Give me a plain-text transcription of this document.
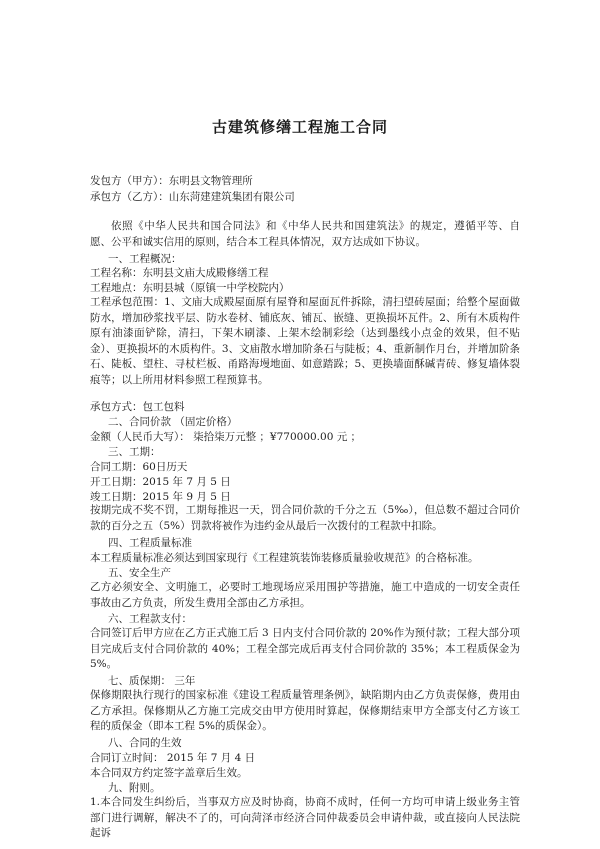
古建筑修缮工程施工合同
发包方（甲方）：东明县文物管理所
承包方（乙方）：山东菏建建筑集团有限公司
依照《中华人民共和国合同法》和《中华人民共和国建筑法》的规定，遵循平等、自愿、公平和诚实信用的原则，结合本工程具体情况，双方达成如下协议。
一、工程概况：
工程名称：东明县文庙大成殿修缮工程
工程地点：东明县城（原镇一中学校院内）
工程承包范围：1、文庙大成殿屋面原有屋脊和屋面瓦件拆除，清扫望砖屋面；给整个屋面做防水，增加砂浆找平层、防水卷材、铺底灰、铺瓦、嵌缝、更换损坏瓦件。2、所有木质构件原有油漆面铲除，清扫，下架木刷漆、上架木绘制彩绘（达到墨线小点金的效果，但不贴金）、更换损坏的木质构件。3、文庙散水增加阶条石与陡板；4、重新制作月台，并增加阶条石、陡板、望柱、寻杖栏板、甬路海墁地面、如意踏跺；5、更换墙面酥碱青砖、修复墙体裂痕等；以上所用材料参照工程预算书。
承包方式：包工包料
二、合同价款 （固定价格）
金额（人民币大写）： 柒拾柒万元整 ；¥770000.00 元 ；
三、工期：
合同工期：60日历天
开工日期：2015 年 7 月 5 日
竣工日期：2015 年 9 月 5 日
按期完成不奖不罚，工期每推迟一天，罚合同价款的千分之五（5‰），但总数不超过合同价款的百分之五（5%）罚款将被作为违约金从最后一次拨付的工程款中扣除。
四、工程质量标准
本工程质量标准必须达到国家现行《工程建筑装饰装修质量验收规范》的合格标准。
五、安全生产
乙方必须安全、文明施工，必要时工地现场应采用围护等措施，施工中造成的一切安全责任事故由乙方负责，所发生费用全部由乙方承担。
六、工程款支付：
合同签订后甲方应在乙方正式施工后 3 日内支付合同价款的 20%作为预付款；工程大部分项目完成后支付合同价款的 40%；工程全部完成后再支付合同价款的 35%；本工程质保金为 5%。
七、质保期： 三年
保修期限执行现行的国家标准《建设工程质量管理条例》，缺陷期内由乙方负责保修，费用由乙方承担。保修期从乙方施工完成交由甲方使用时算起，保修期结束甲方全部支付乙方该工程的质保金（即本工程 5%的质保金）。
八、合同的生效
合同订立时间： 2015 年 7 月 4 日
本合同双方约定签字盖章后生效。
九、附则。
1.本合同发生纠纷后，当事双方应及时协商，协商不成时，任何一方均可申请上级业务主管部门进行调解，解决不了的，可向菏泽市经济合同仲裁委员会申请仲裁，或直接向人民法院起诉
